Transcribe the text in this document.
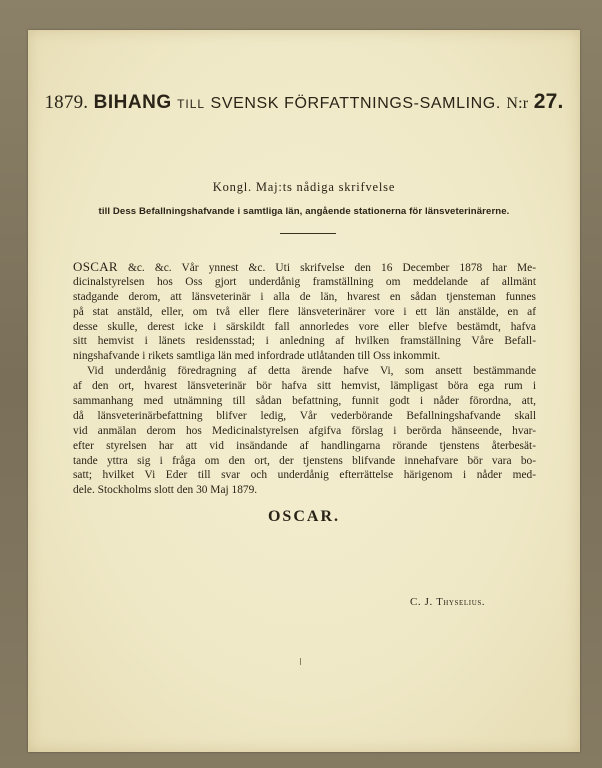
1879. BIHANG TILL SVENSK FÖRFATTNINGS-SAMLING. N:r 27.
Kongl. Maj:ts nådiga skrifvelse
till Dess Befallningshafvande i samtliga län, angående stationerna för länsveterinärerne.
OSCAR &c. &c. Vår ynnest &c. Uti skrifvelse den 16 December 1878 har Me-
dicinalstyrelsen hos Oss gjort underdånig framställning om meddelande af allmänt
stadgande derom, att länsveterinär i alla de län, hvarest en sådan tjensteman funnes
på stat anstäld, eller, om två eller flere länsveterinärer vore i ett län anstälde, en af
desse skulle, derest icke i särskildt fall annorledes vore eller blefve bestämdt, hafva
sitt hemvist i länets residensstad; i anledning af hvilken framställning Våre Befall-
ningshafvande i rikets samtliga län med infordrade utlåtanden till Oss inkommit.
Vid underdånig föredragning af detta ärende hafve Vi, som ansett bestämmande
af den ort, hvarest länsveterinär bör hafva sitt hemvist, lämpligast böra ega rum i
sammanhang med utnämning till sådan befattning, funnit godt i nåder förordna, att,
då länsveterinärbefattning blifver ledig, Vår vederbörande Befallningshafvande skall
vid anmälan derom hos Medicinalstyrelsen afgifva förslag i berörda hänseende, hvar-
efter styrelsen har att vid insändande af handlingarna rörande tjenstens återbesät-
tande yttra sig i fråga om den ort, der tjenstens blifvande innehafvare bör vara bo-
satt; hvilket Vi Eder till svar och underdånig efterrättelse härigenom i nåder med-
dele. Stockholms slott den 30 Maj 1879.
OSCAR.
C. J. Thyselius.
